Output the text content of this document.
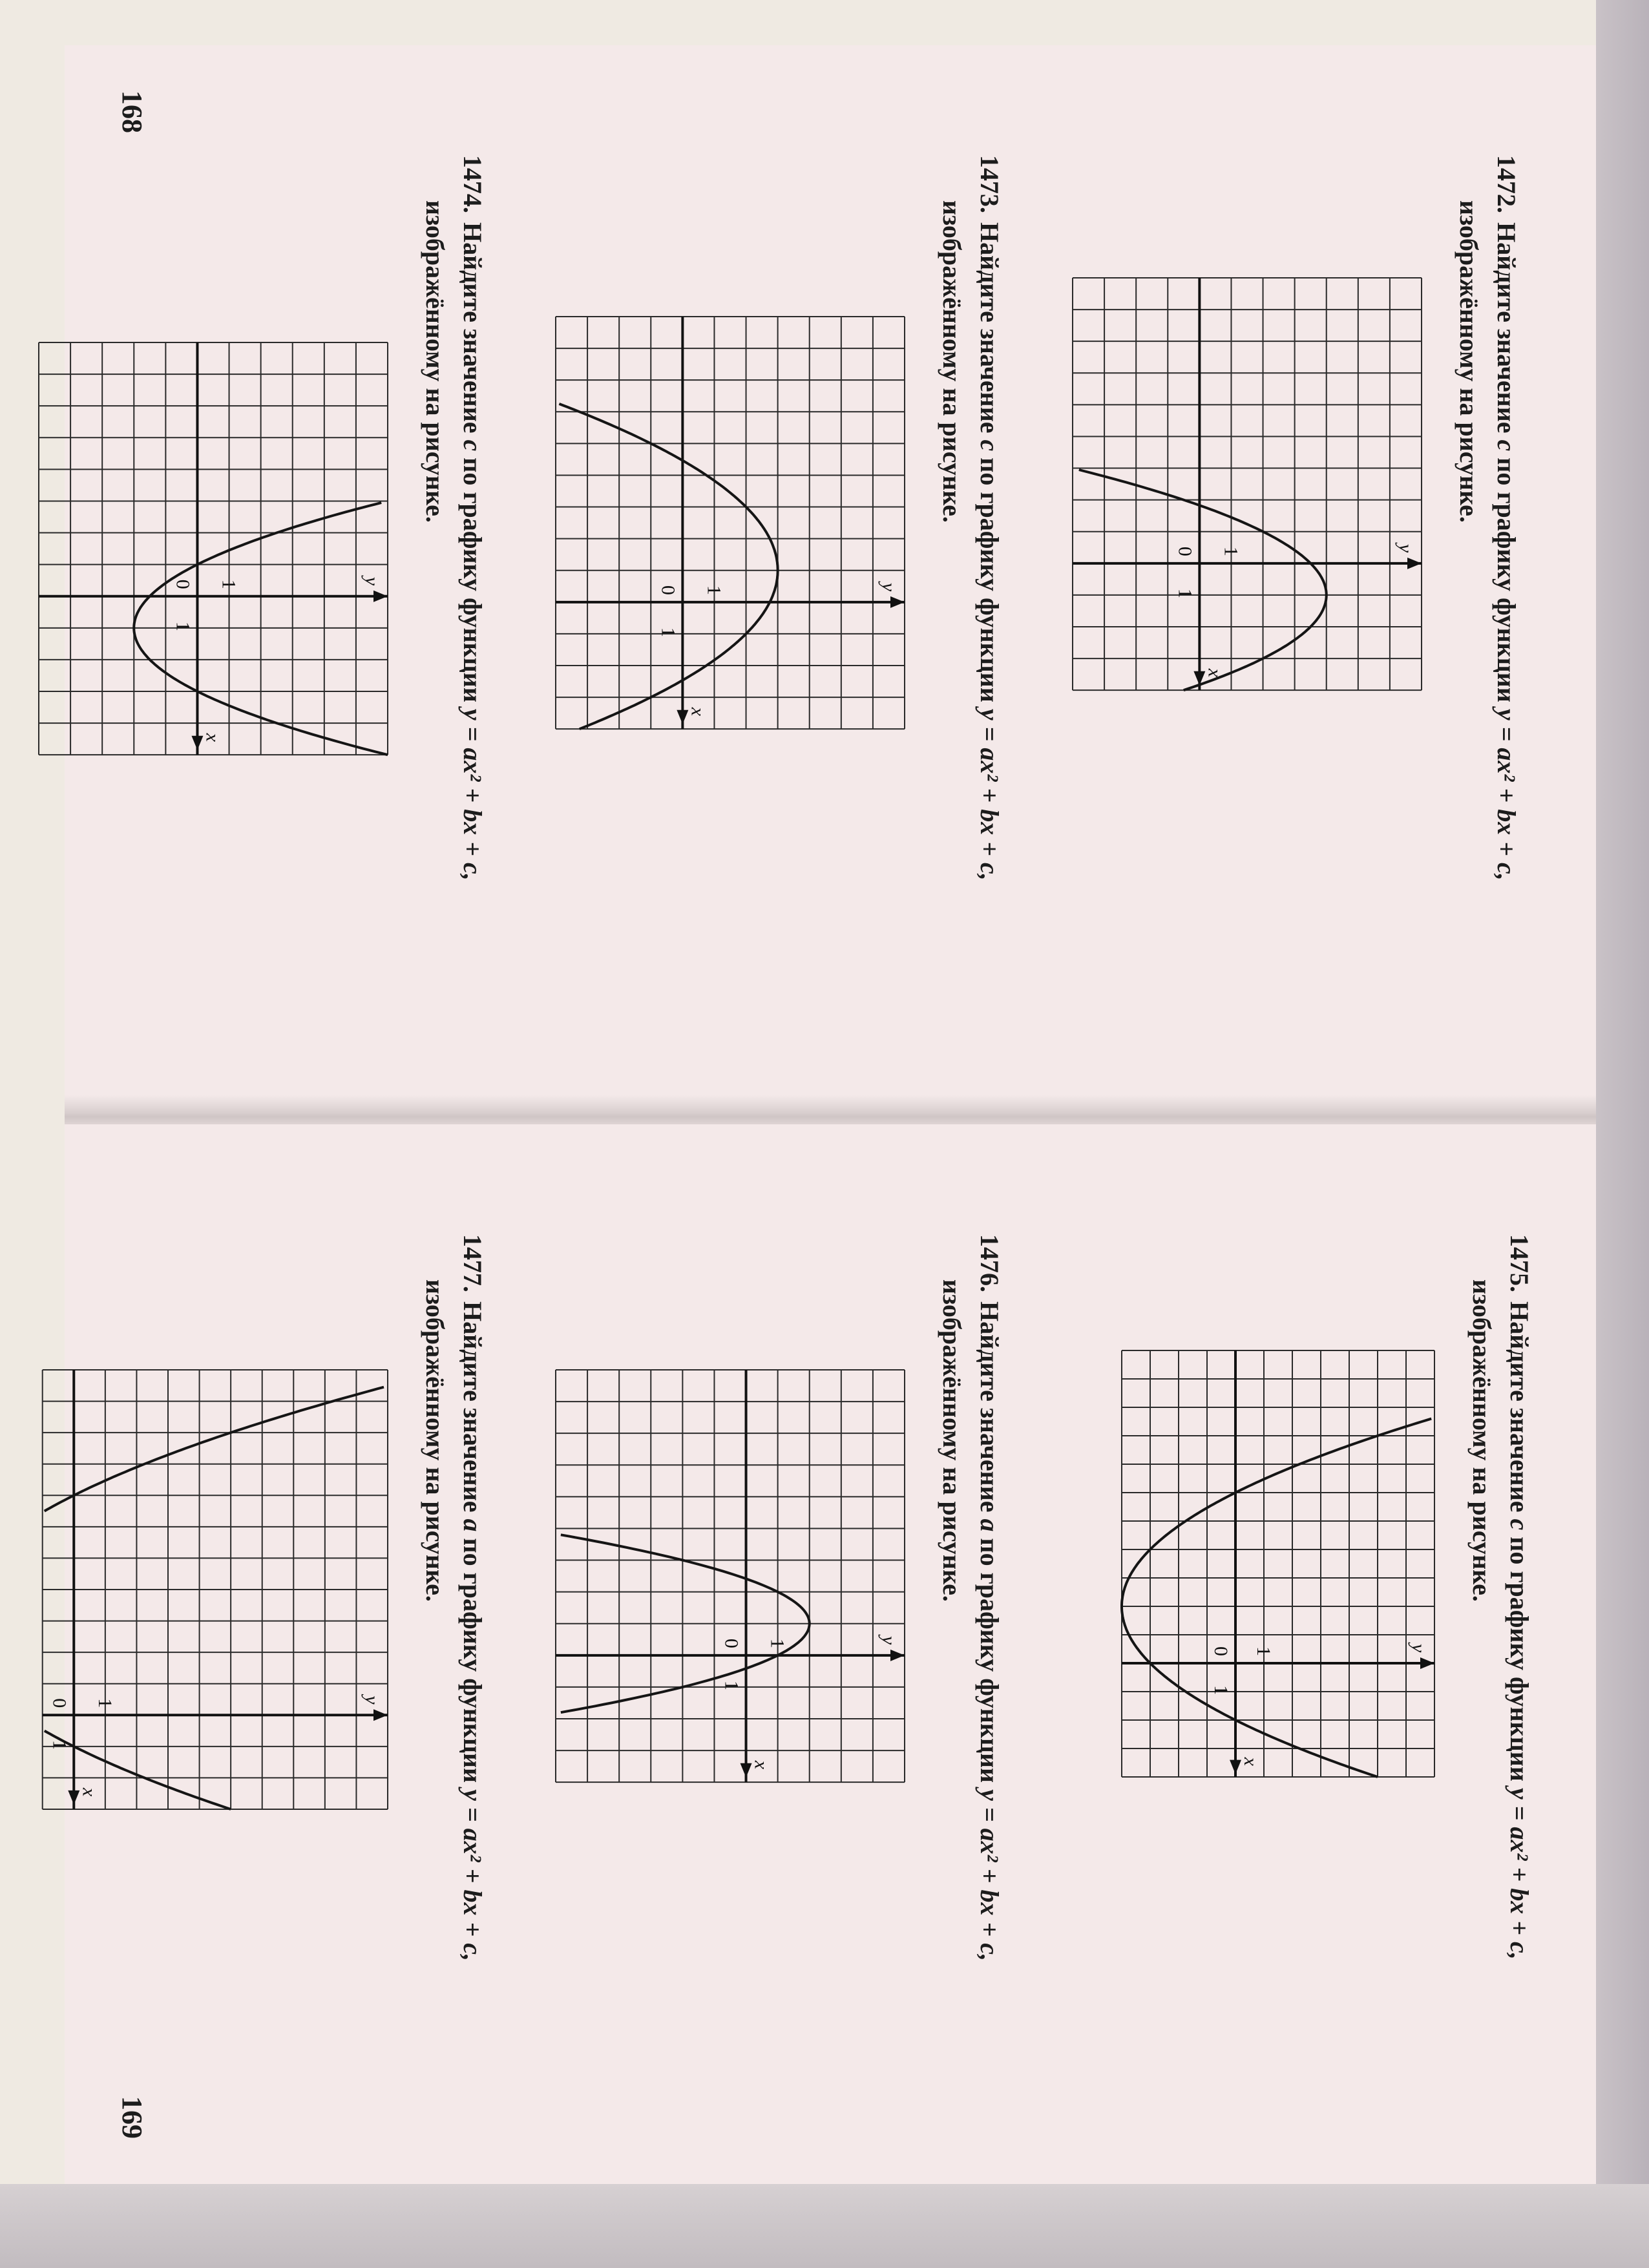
1472.Найдите значение c по графику функции y = ax² + bx + c,
изображённому на рисунке.
x
y
0
1
1
1473.Найдите значение c по графику функции y = ax² + bx + c,
изображённому на рисунке.
x
y
0
1
1
1474.Найдите значение c по графику функции y = ax² + bx + c,
изображённому на рисунке.
x
y
0
1
1
168
1475.Найдите значение c по графику функции y = ax² + bx + c,
изображённому на рисунке.
x
y
0
1
1
1476.Найдите значение a по графику функции y = ax² + bx + c,
изображённому на рисунке.
x
y
0
1
1
1477.Найдите значение a по графику функции y = ax² + bx + c,
изображённому на рисунке.
x
y
0
1
1
169
